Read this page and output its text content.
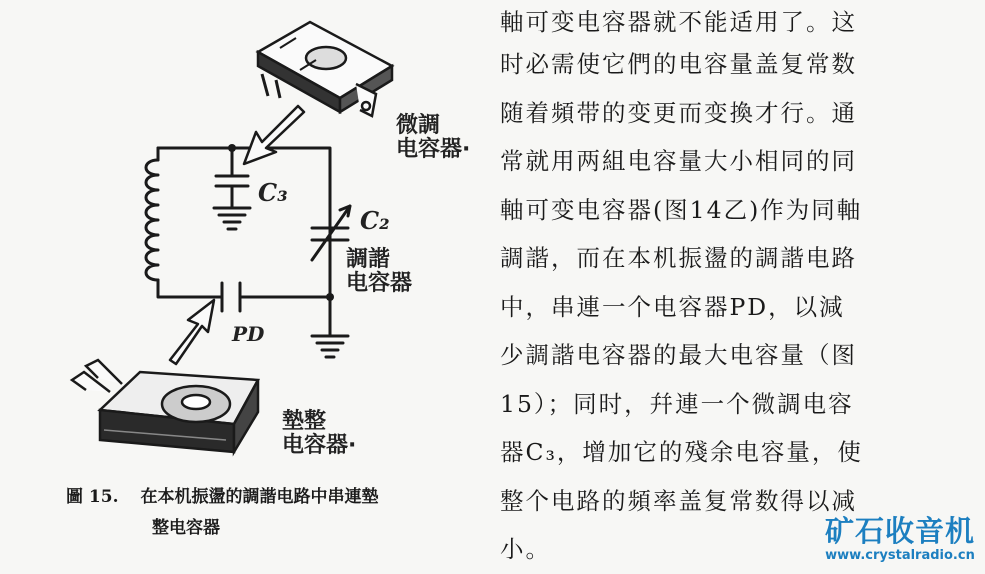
微調
电容器·
C₃
C₂
調諧
电容器
PD
墊整
电容器·
圖 15. 在本机振盪的調諧电路中串連墊
整电容器
軸可变电容器就不能适用了。这
时必需使它們的电容量盖复常数
随着頻带的变更而变換才行。通
常就用两組电容量大小相同的同
軸可变电容器(图14乙)作为同軸
調諧，而在本机振盪的調諧电路
中，串連一个电容器PD，以減
少調諧电容器的最大电容量（图
15）；同时，幷連一个微調电容
器C₃，增加它的殘余电容量，使
整个电路的頻率盖复常数得以减
小。
矿石收音机
www.crystalradio.cn
